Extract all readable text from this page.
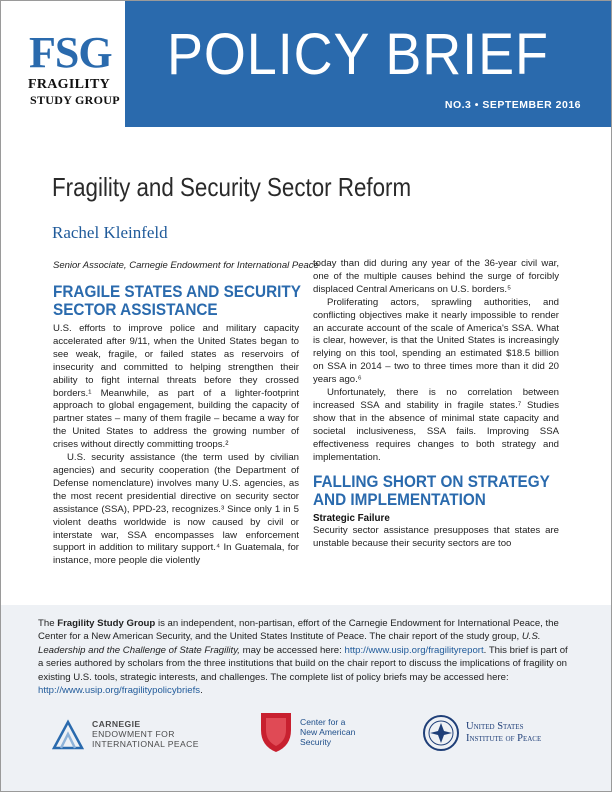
FSG
FRAGILITY
STUDY GROUP
POLICY BRIEF
NO.3 • SEPTEMBER 2016
Fragility and Security Sector Reform
Rachel Kleinfeld
Senior Associate, Carnegie Endowment for International Peace
FRAGILE STATES AND SECURITY
SECTOR ASSISTANCE

U.S. efforts to improve police and military capacity accelerated after 9/11, when the United States began to see weak, fragile, or failed states as reservoirs of insecurity and committed to helping strengthen their ability to fight internal threats before they crossed borders.¹ Meanwhile, as part of a lighter-footprint approach to global engagement, building the capacity of partner states – many of them fragile – became a way for the United States to address the growing number of crises without directly committing troops.²

U.S. security assistance (the term used by civilian agencies) and security cooperation (the Department of Defense nomenclature) involves many U.S. agencies, as the most recent presidential directive on security sector assistance (SSA), PPD-23, recognizes.³ Since only 1 in 5 violent deaths worldwide is now caused by civil or interstate war, SSA encompasses law enforcement support in addition to military support.⁴ In Guatemala, for instance, more people die violently

today than did during any year of the 36-year civil war, one of the multiple causes behind the surge of forcibly displaced Central Americans on U.S. borders.⁵

Proliferating actors, sprawling authorities, and conflicting objectives make it nearly impossible to render an accurate account of the scale of America's SSA. What is clear, however, is that the United States is increasingly relying on this tool, spending an estimated $18.5 billion on SSA in 2014 – two to three times more than it did 20 years ago.⁶

Unfortunately, there is no correlation between increased SSA and stability in fragile states.⁷ Studies show that in the absence of minimal state capacity and societal inclusiveness, SSA fails. Improving SSA effectiveness requires changes to both strategy and implementation.

FALLING SHORT ON STRATEGY
AND IMPLEMENTATION
Strategic Failure

Security sector assistance presupposes that states are unstable because their security sectors are too

The Fragility Study Group is an independent, non-partisan, effort of the Carnegie Endowment for International Peace, the Center for a New American Security, and the United States Institute of Peace. The chair report of the study group, U.S. Leadership and the Challenge of State Fragility, may be accessed here: http://www.usip.org/fragilityreport. This brief is part of a series authored by scholars from the three institutions that build on the chair report to discuss the implications of fragility on existing U.S. tools, strategic interests, and challenges. The complete list of policy briefs may be accessed here: http://www.usip.org/fragilitypolicybriefs.
CARNEGIE
ENDOWMENT FOR
INTERNATIONAL PEACE
Center for a
New American
Security
United States
Institute of Peace
